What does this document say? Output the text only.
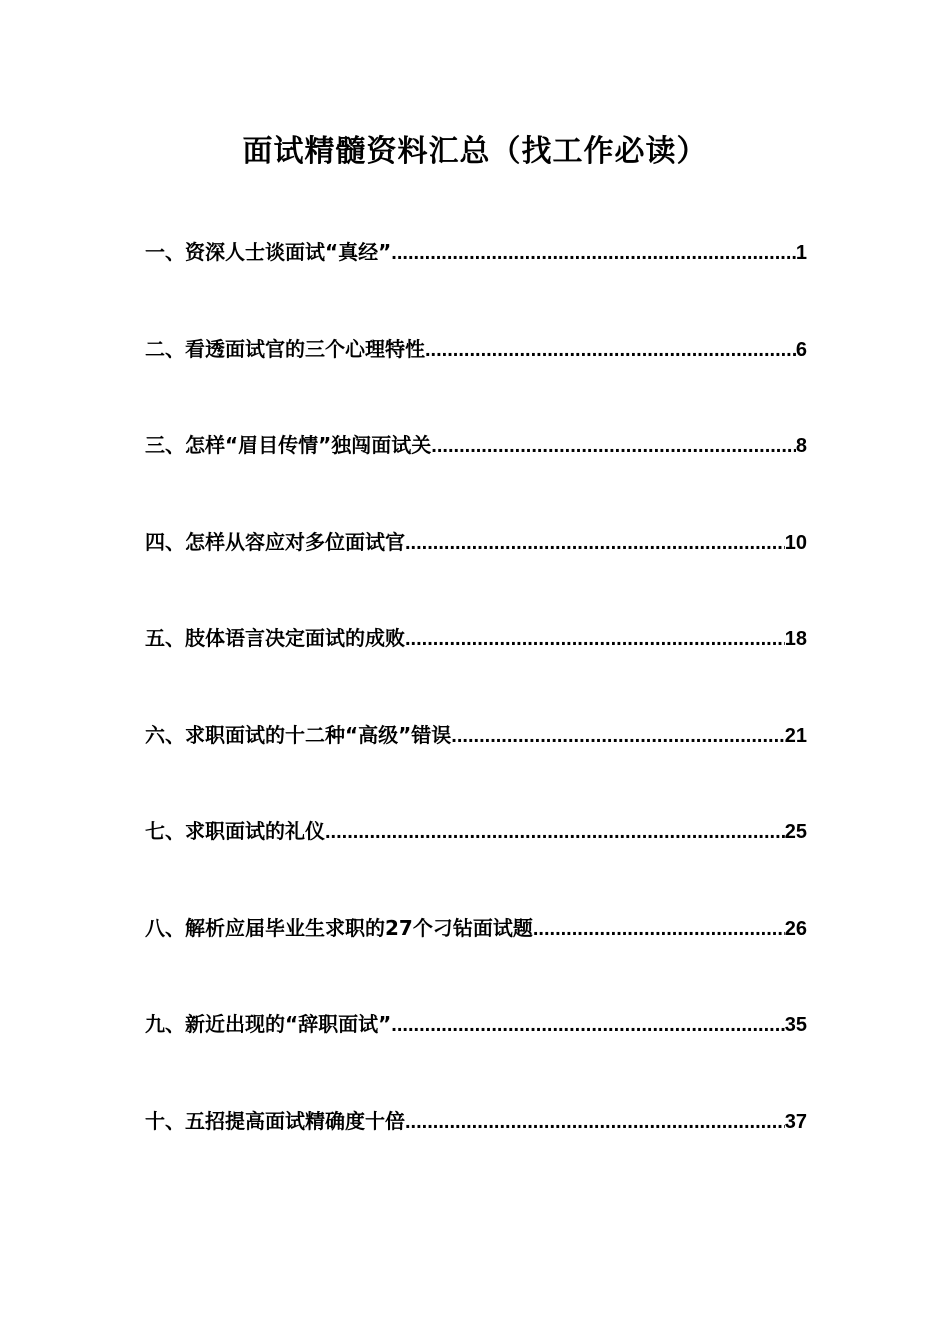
面试精髓资料汇总（找工作必读）
一、资深人士谈面试“真经” .....	1
二、看透面试官的三个心理特性 .....	6
三、怎样“眉目传情”独闯面试关 .....	8
四、怎样从容应对多位面试官 .....	10
五、肢体语言决定面试的成败 .....	18
六、求职面试的十二种“高级”错误 .....	21
七、求职面试的礼仪 .....	25
八、解析应届毕业生求职的27个刁钻面试题 .....	26
九、新近出现的“辞职面试” .....	35
十、五招提高面试精确度十倍 .....	37
